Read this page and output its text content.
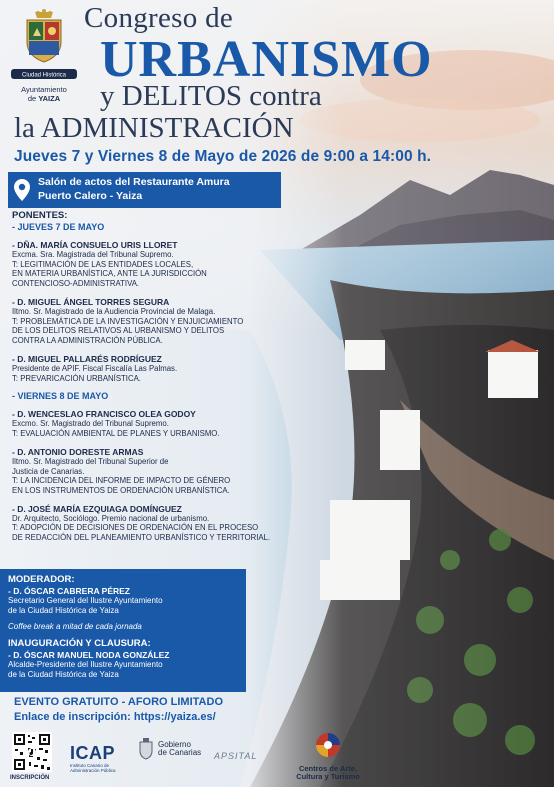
Ciudad Histórica
Ayuntamiento
de YAIZA
Congreso de
URBANISMO
y DELITOS contra
la ADMINISTRACIÓN
Jueves 7 y Viernes 8 de Mayo de 2026 de 9:00 a 14:00 h.
Salón de actos del Restaurante Amura
Puerto Calero - Yaiza
PONENTES:
- JUEVES 7 DE MAYO
- DÑA. MARÍA CONSUELO URIS LLORET
Excma. Sra. Magistrada del Tribunal Supremo.
T: LEGITIMACIÓN DE LAS ENTIDADES LOCALES,
EN MATERIA URBANÍSTICA, ANTE LA JURISDICCIÓN
CONTENCIOSO-ADMINISTRATIVA.
- D. MIGUEL ÁNGEL TORRES SEGURA
Iltmo. Sr. Magistrado de la Audiencia Provincial de Malaga.
T: PROBLEMÁTICA DE LA INVESTIGACIÓN Y ENJUICIAMIENTO
DE LOS DELITOS RELATIVOS AL URBANISMO Y DELITOS
CONTRA LA ADMINISTRACIÓN PÚBLICA.
- D. MIGUEL PALLARÉS RODRÍGUEZ
Presidente de APIF. Fiscal Fiscalía Las Palmas.
T: PREVARICACIÓN URBANÍSTICA.
- VIERNES 8 DE MAYO
- D. WENCESLAO FRANCISCO OLEA GODOY
Excmo. Sr. Magistrado del Tribunal Supremo.
T: EVALUACIÓN AMBIENTAL DE PLANES Y URBANISMO.
- D. ANTONIO DORESTE ARMAS
Iltmo. Sr. Magistrado del Tribunal Superior de
Justicia de Canarias.
T: LA INCIDENCIA DEL INFORME DE IMPACTO DE GÉNERO
EN LOS INSTRUMENTOS DE ORDENACIÓN URBANÍSTICA.
- D. JOSÉ MARÍA EZQUIAGA DOMÍNGUEZ
Dr. Arquitecto, Sociólogo. Premio nacional de urbanismo.
T: ADOPCIÓN DE DECISIONES DE ORDENACIÓN EN EL PROCESO
DE REDACCIÓN DEL PLANEAMIENTO URBANÍSTICO Y TERRITORIAL.
MODERADOR:
- D. ÓSCAR CABRERA PÉREZ
Secretario General del Ilustre Ayuntamiento
de la Ciudad Histórica de Yaiza
Coffee break a mitad de cada jornada
INAUGURACIÓN Y CLAUSURA:
- D. ÓSCAR MANUEL NODA GONZÁLEZ
Alcalde-Presidente del Ilustre Ayuntamiento
de la Ciudad Histórica de Yaiza
EVENTO GRATUITO - AFORO LIMITADO
Enlace de inscripción: https://yaiza.es/
INSCRIPCIÓN
ICAP
Instituto Canario de Administración Pública
Gobierno
de Canarias APSITAL
Centros de Arte,
Cultura y Turismo
